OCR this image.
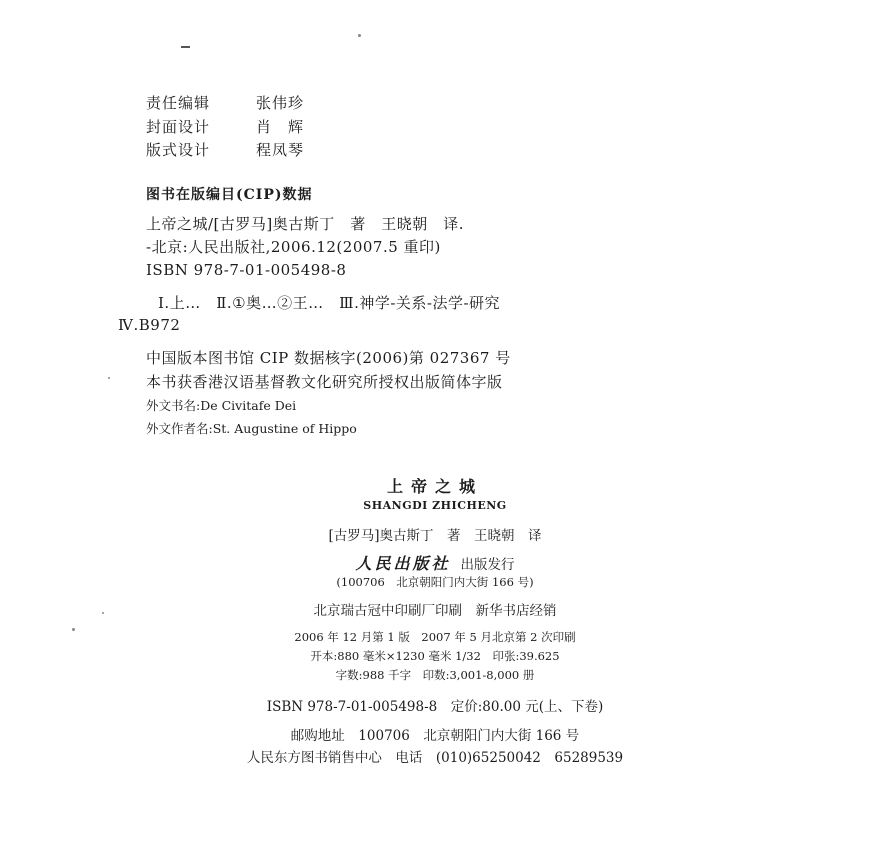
责任编辑	张伟珍
封面设计	肖　辉
版式设计	程凤琴
图书在版编目(CIP)数据
上帝之城/[古罗马]奥古斯丁　著　王晓朝　译.
-北京:人民出版社,2006.12(2007.5 重印)
ISBN 978-7-01-005498-8
Ⅰ.上…　Ⅱ.①奥…②王…　Ⅲ.神学-关系-法学-研究
Ⅳ.B972
中国版本图书馆 CIP 数据核字(2006)第 027367 号
本书获香港汉语基督教文化研究所授权出版简体字版
外文书名:De Civitafe Dei
外文作者名:St. Augustine of Hippo
上帝之城
SHANGDI ZHICHENG
[古罗马]奥古斯丁　著　王晓朝　译
人民出版社 出版发行
(100706　北京朝阳门内大街 166 号)
北京瑞古冠中印刷厂印刷　新华书店经销
2006 年 12 月第 1 版　2007 年 5 月北京第 2 次印刷
开本:880 毫米×1230 毫米 1/32　印张:39.625
字数:988 千字　印数:3,001-8,000 册
ISBN 978-7-01-005498-8　定价:80.00 元(上、下卷)
邮购地址　100706　北京朝阳门内大街 166 号
人民东方图书销售中心　电话　(010)65250042　65289539
